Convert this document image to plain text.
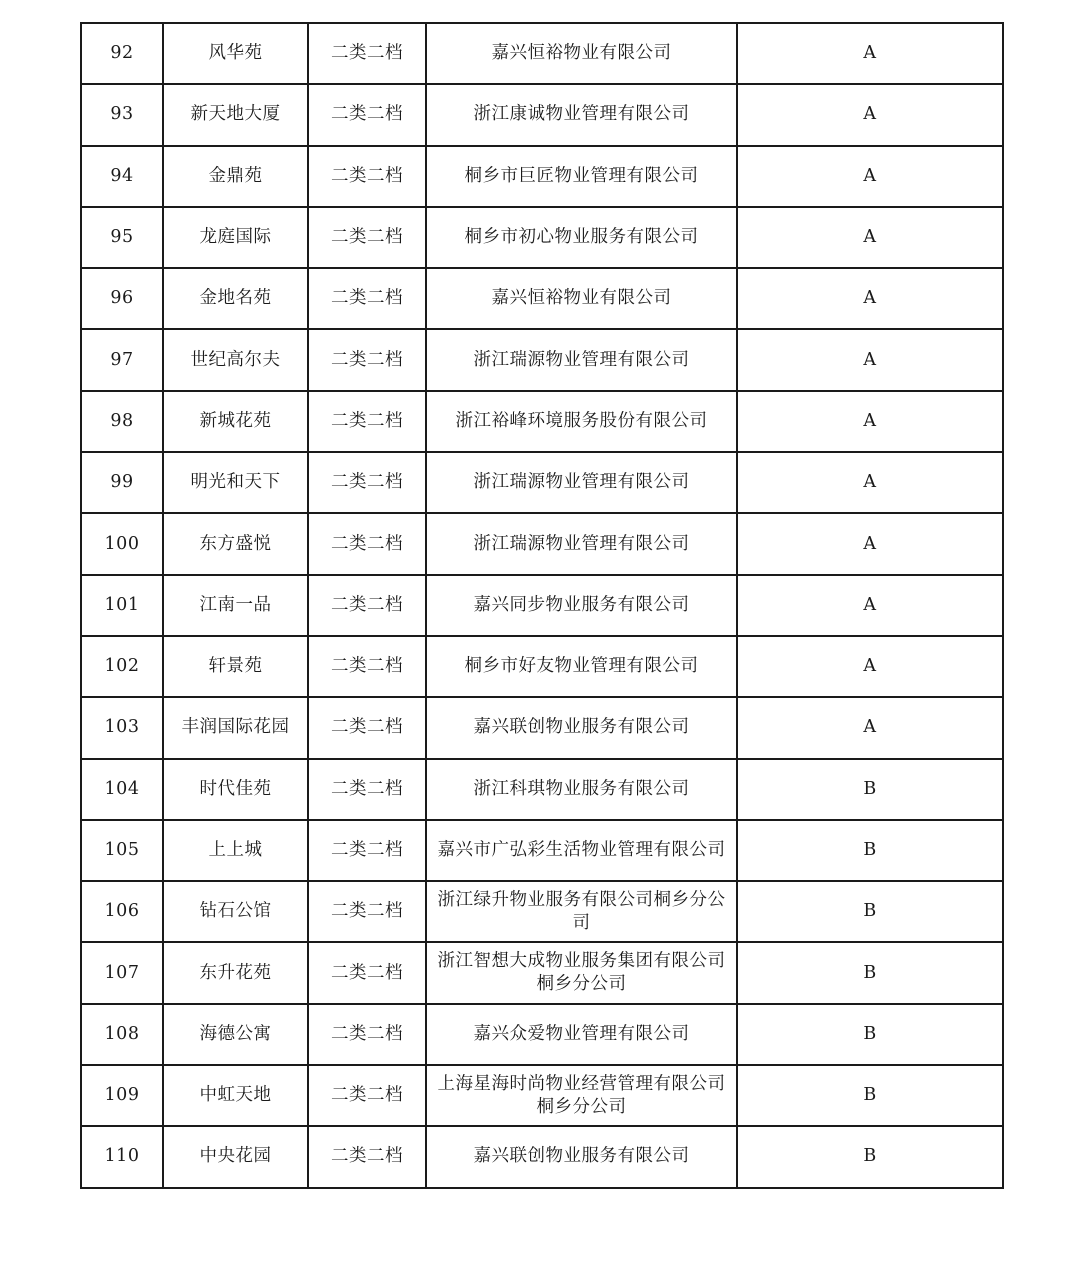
92	风华苑	二类二档	嘉兴恒裕物业有限公司	A
93	新天地大厦	二类二档	浙江康诚物业管理有限公司	A
94	金鼎苑	二类二档	桐乡市巨匠物业管理有限公司	A
95	龙庭国际	二类二档	桐乡市初心物业服务有限公司	A
96	金地名苑	二类二档	嘉兴恒裕物业有限公司	A
97	世纪高尔夫	二类二档	浙江瑞源物业管理有限公司	A
98	新城花苑	二类二档	浙江裕峰环境服务股份有限公司	A
99	明光和天下	二类二档	浙江瑞源物业管理有限公司	A
100	东方盛悦	二类二档	浙江瑞源物业管理有限公司	A
101	江南一品	二类二档	嘉兴同步物业服务有限公司	A
102	轩景苑	二类二档	桐乡市好友物业管理有限公司	A
103	丰润国际花园	二类二档	嘉兴联创物业服务有限公司	A
104	时代佳苑	二类二档	浙江科琪物业服务有限公司	B
105	上上城	二类二档	嘉兴市广弘彩生活物业管理有限公司	B
106	钻石公馆	二类二档	浙江绿升物业服务有限公司桐乡分公司	B
107	东升花苑	二类二档	浙江智想大成物业服务集团有限公司桐乡分公司	B
108	海德公寓	二类二档	嘉兴众爱物业管理有限公司	B
109	中虹天地	二类二档	上海星海时尚物业经营管理有限公司桐乡分公司	B
110	中央花园	二类二档	嘉兴联创物业服务有限公司	B
